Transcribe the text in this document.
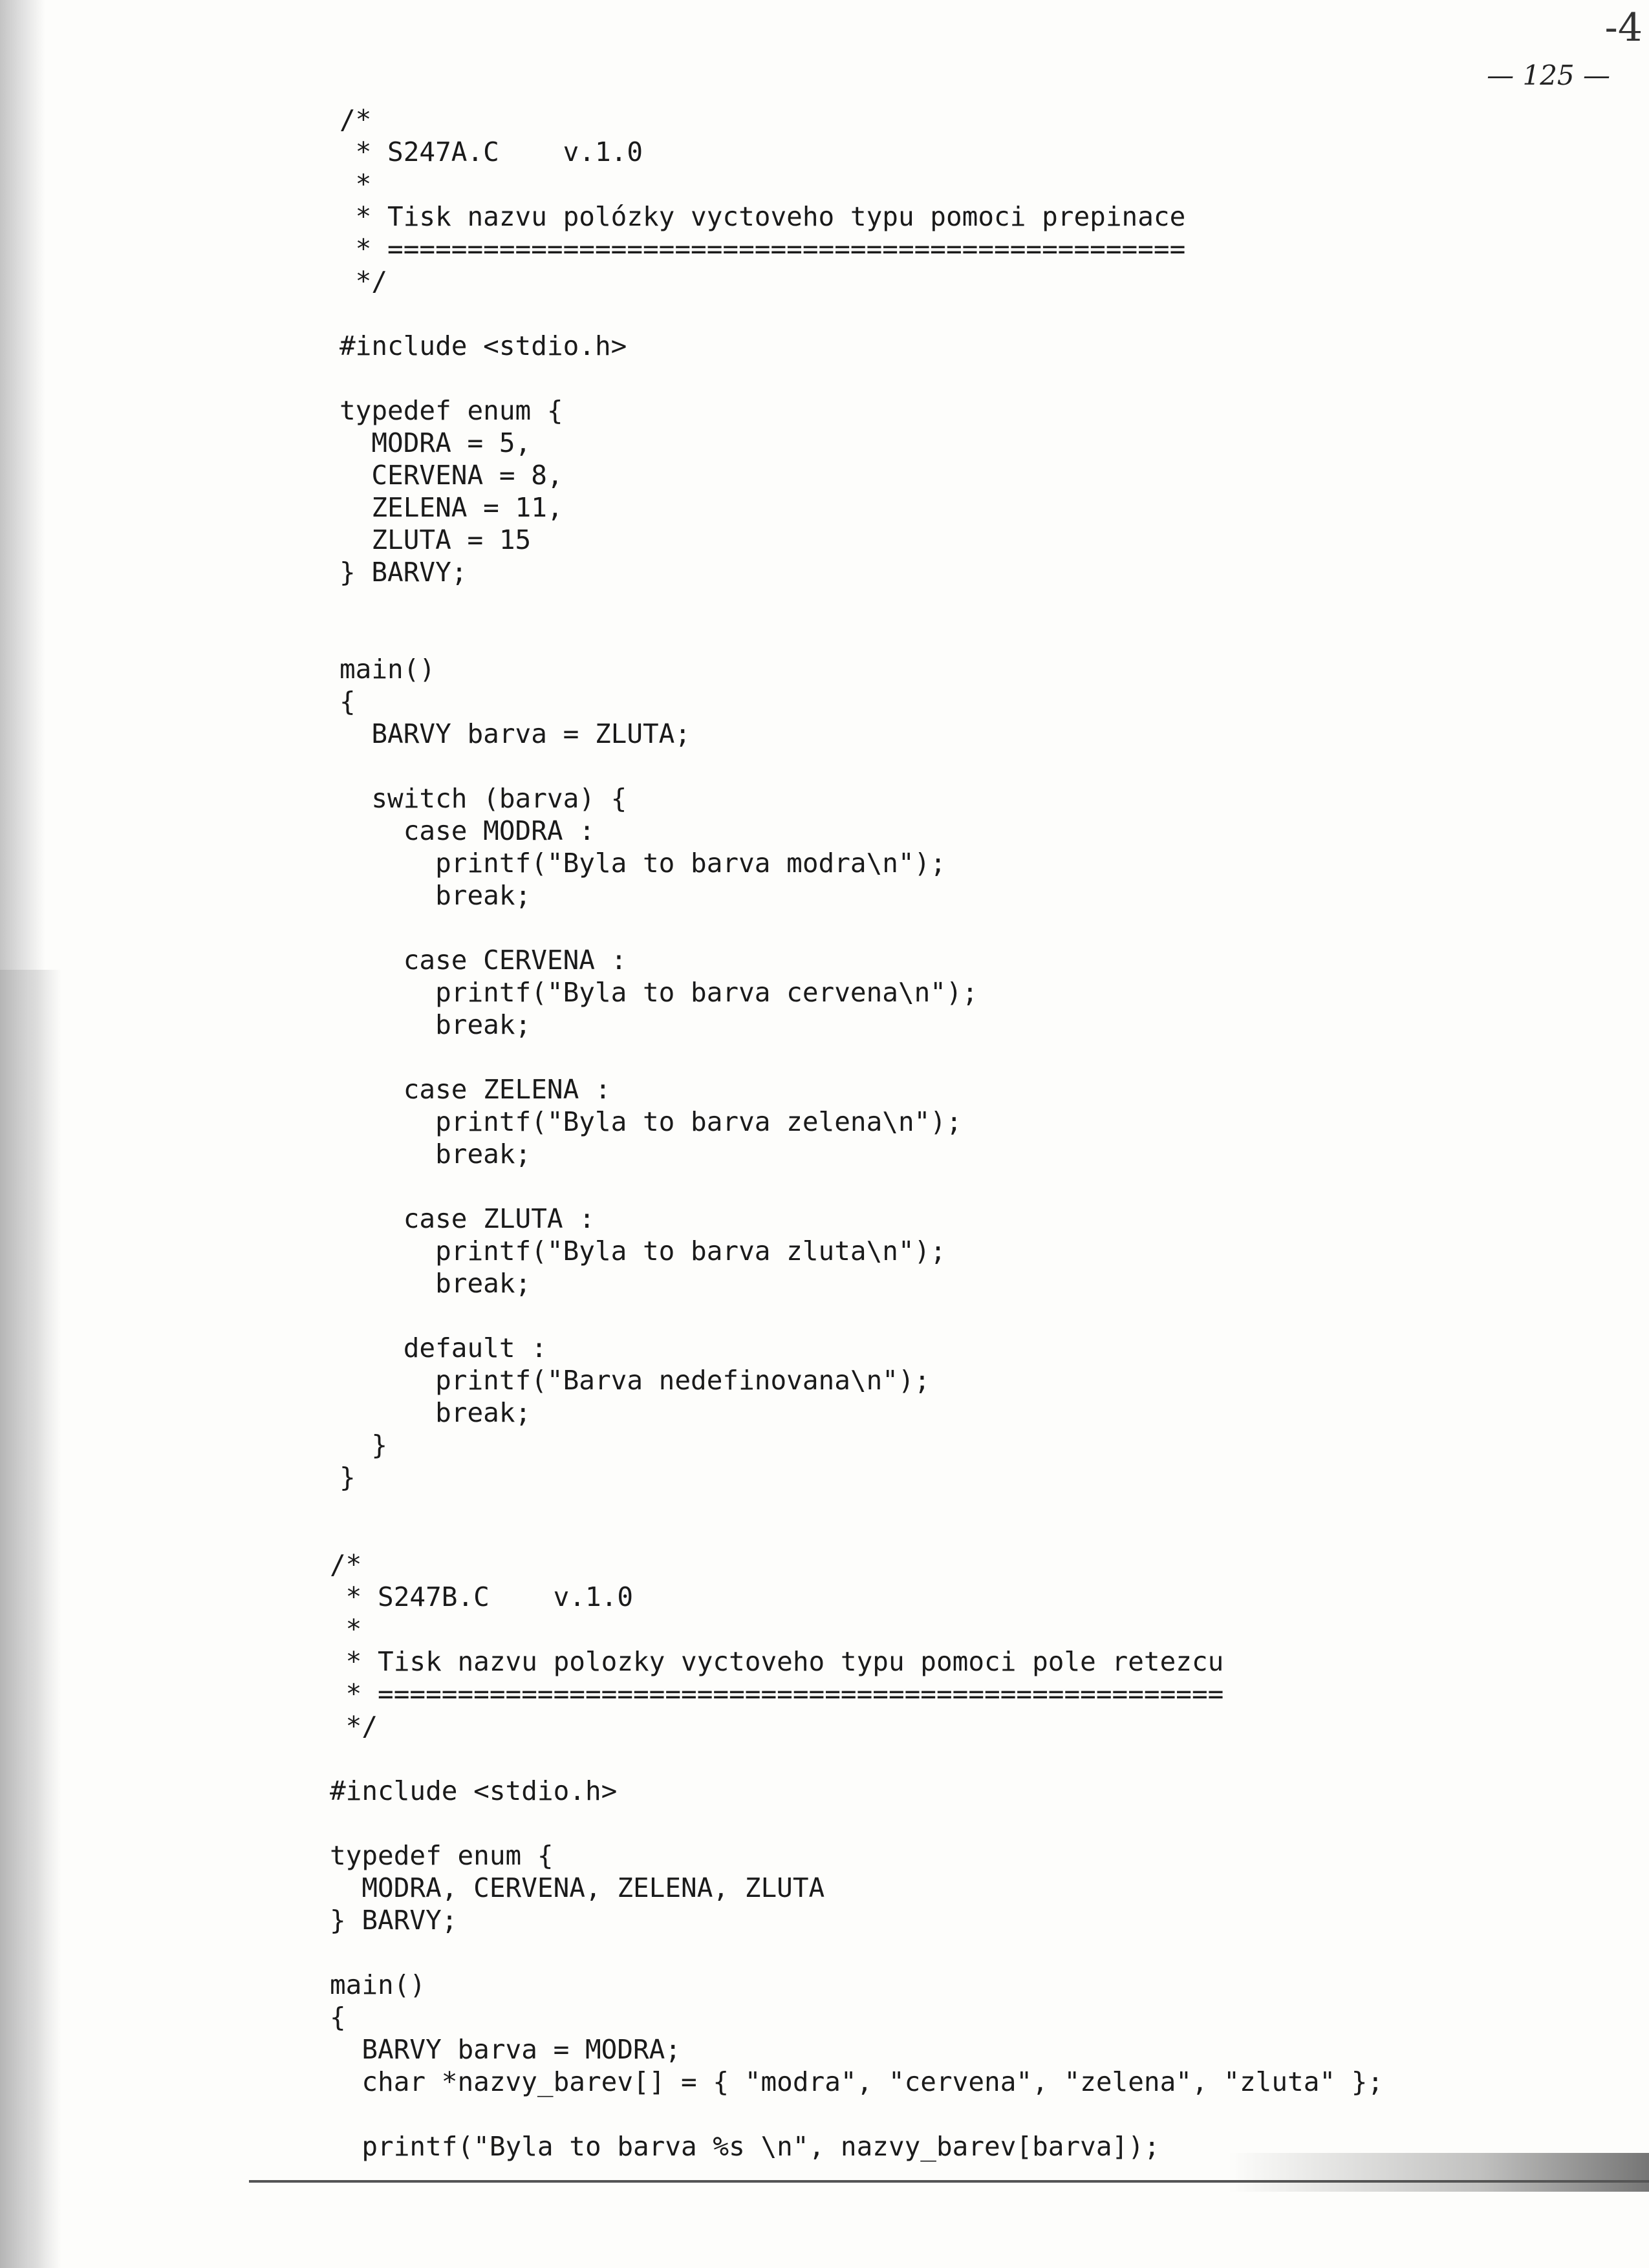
-4
— 125 —
/*
* S247A.C    v.1.0
*
* Tisk nazvu polózky vyctoveho typu pomoci prepinace
* ==================================================
*/
#include <stdio.h>
typedef enum {
MODRA = 5,
CERVENA = 8,
ZELENA = 11,
ZLUTA = 15
} BARVY;
main()
{
BARVY barva = ZLUTA;
switch (barva) {
case MODRA :
printf("Byla to barva modra\n");
break;
case CERVENA :
printf("Byla to barva cervena\n");
break;
case ZELENA :
printf("Byla to barva zelena\n");
break;
case ZLUTA :
printf("Byla to barva zluta\n");
break;
default :
printf("Barva nedefinovana\n");
break;
}
}
/*
* S247B.C    v.1.0
*
* Tisk nazvu polozky vyctoveho typu pomoci pole retezcu
* =====================================================
*/
#include <stdio.h>
typedef enum {
MODRA, CERVENA, ZELENA, ZLUTA
} BARVY;
main()
{
BARVY barva = MODRA;
char *nazvy_barev[] = { "modra", "cervena", "zelena", "zluta" };
printf("Byla to barva %s \n", nazvy_barev[barva]);
